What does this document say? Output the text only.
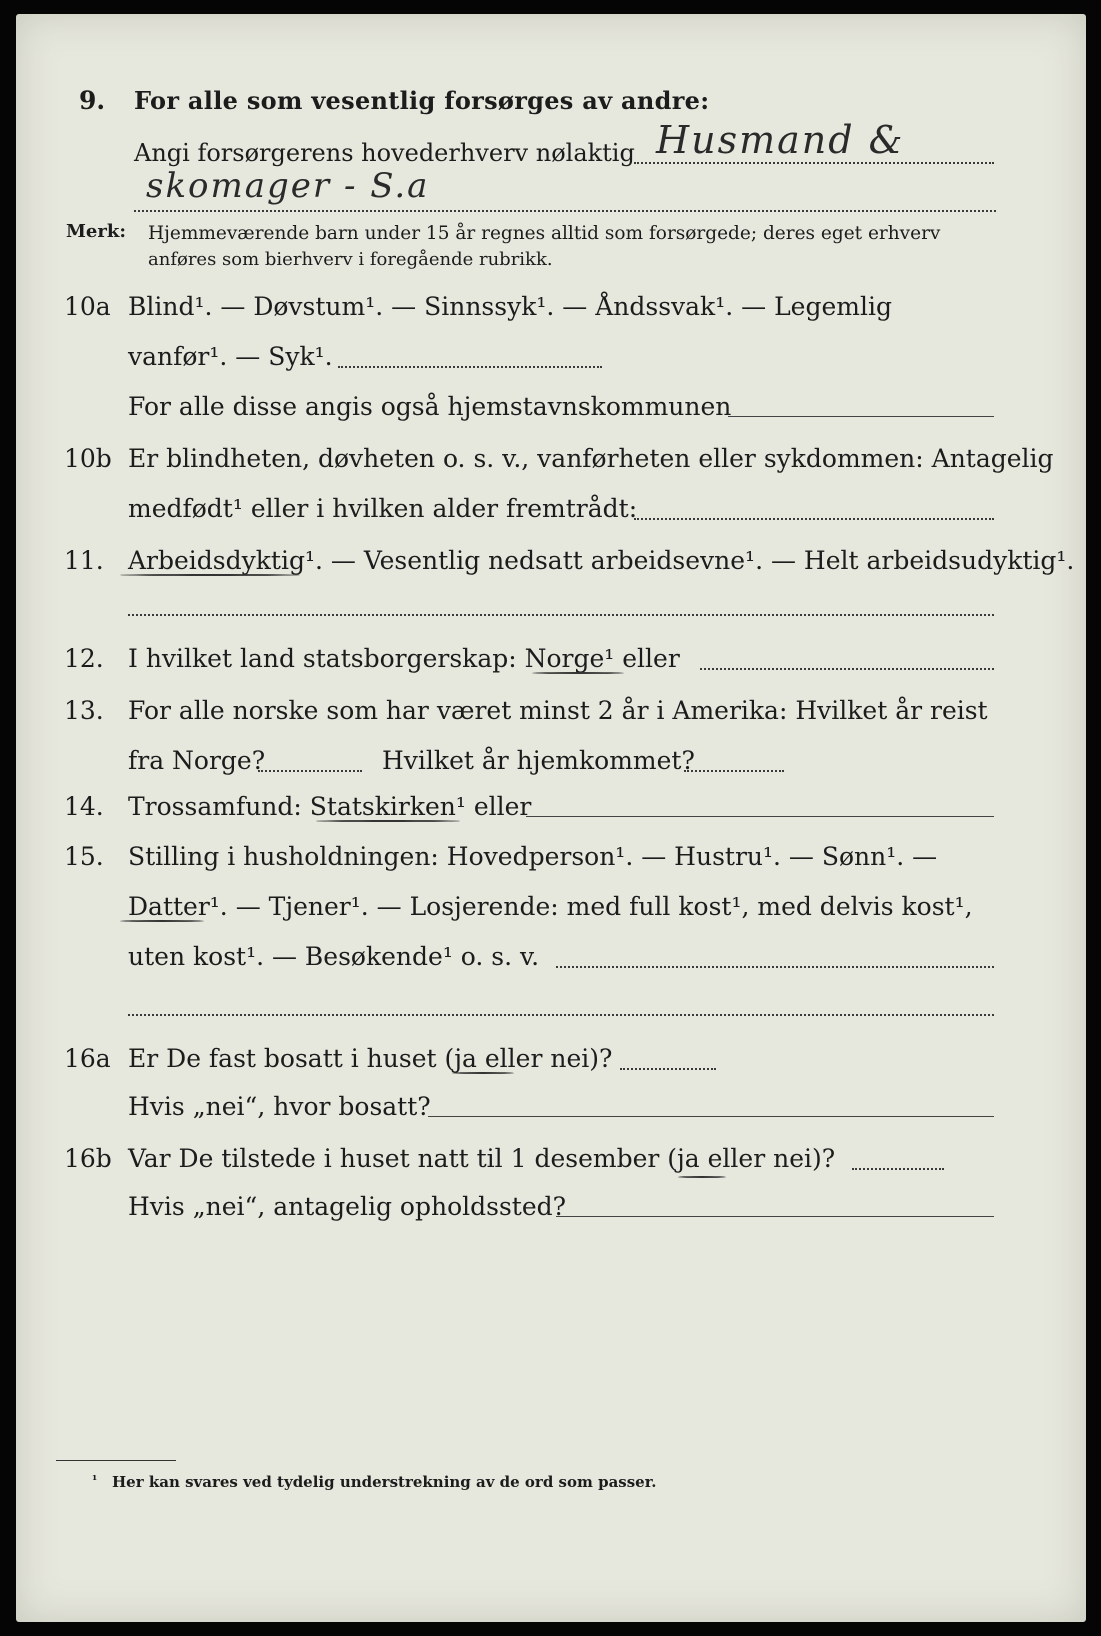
9. For alle som vesentlig forsørges av andre:
Angi forsørgerens hovederhverv nølaktig Husmand &
skomager - S.a
Merk: Hjemmeværende barn under 15 år regnes alltid som forsørgede; deres eget erhverv
anføres som bierhverv i foregående rubrikk.
10a Blind¹. — Døvstum¹. — Sinnssyk¹. — Åndssvak¹. — Legemlig
vanfør¹. — Syk¹.
For alle disse angis også hjemstavnskommunen
10b Er blindheten, døvheten o. s. v., vanførheten eller sykdommen: Antagelig
medfødt¹ eller i hvilken alder fremtrådt:
11. Arbeidsdyktig¹. — Vesentlig nedsatt arbeidsevne¹. — Helt arbeidsudyktig¹.
12. I hvilket land statsborgerskap: Norge¹ eller
13. For alle norske som har været minst 2 år i Amerika: Hvilket år reist
fra Norge?	Hvilket år hjemkommet?
14. Trossamfund: Statskirken¹ eller
15. Stilling i husholdningen: Hovedperson¹. — Hustru¹. — Sønn¹. —
Datter¹. — Tjener¹. — Losjerende: med full kost¹, med delvis kost¹,
uten kost¹. — Besøkende¹ o. s. v.
16a Er De fast bosatt i huset (ja eller nei)?
Hvis „nei“, hvor bosatt?
16b Var De tilstede i huset natt til 1 desember (ja eller nei)?
Hvis „nei“, antagelig opholdssted?
¹ Her kan svares ved tydelig understrekning av de ord som passer.
